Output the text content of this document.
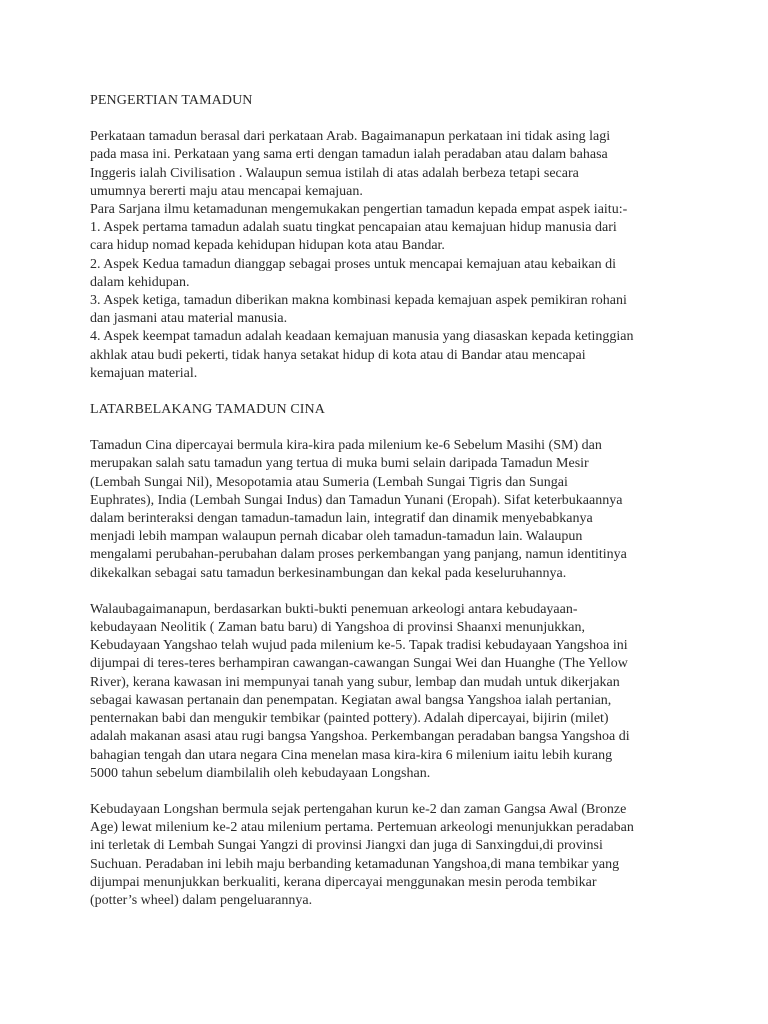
PENGERTIAN TAMADUN
Perkataan tamadun berasal dari perkataan Arab. Bagaimanapun perkataan ini tidak asing lagi
pada masa ini. Perkataan yang sama erti dengan tamadun ialah peradaban atau dalam bahasa
Inggeris ialah Civilisation . Walaupun semua istilah di atas adalah berbeza tetapi secara
umumnya bererti maju atau mencapai kemajuan.
Para Sarjana ilmu ketamadunan mengemukakan pengertian tamadun kepada empat aspek iaitu:-
1. Aspek pertama tamadun adalah suatu tingkat pencapaian atau kemajuan hidup manusia dari
cara hidup nomad kepada kehidupan hidupan kota atau Bandar.
2. Aspek Kedua tamadun dianggap sebagai proses untuk mencapai kemajuan atau kebaikan di
dalam kehidupan.
3. Aspek ketiga, tamadun diberikan makna kombinasi kepada kemajuan aspek pemikiran rohani
dan jasmani atau material manusia.
4. Aspek keempat tamadun adalah keadaan kemajuan manusia yang diasaskan kepada ketinggian
akhlak atau budi pekerti, tidak hanya setakat hidup di kota atau di Bandar atau mencapai
kemajuan material.
LATARBELAKANG TAMADUN CINA
Tamadun Cina dipercayai bermula kira-kira pada milenium ke-6 Sebelum Masihi (SM) dan
merupakan salah satu tamadun yang tertua di muka bumi selain daripada Tamadun Mesir
(Lembah Sungai Nil), Mesopotamia atau Sumeria (Lembah Sungai Tigris dan Sungai
Euphrates), India (Lembah Sungai Indus) dan Tamadun Yunani (Eropah). Sifat keterbukaannya
dalam berinteraksi dengan tamadun-tamadun lain, integratif dan dinamik menyebabkanya
menjadi lebih mampan walaupun pernah dicabar oleh tamadun-tamadun lain. Walaupun
mengalami perubahan-perubahan dalam proses perkembangan yang panjang, namun identitinya
dikekalkan sebagai satu tamadun berkesinambungan dan kekal pada keseluruhannya.
Walaubagaimanapun, berdasarkan bukti-bukti penemuan arkeologi antara kebudayaan-
kebudayaan Neolitik ( Zaman batu baru) di Yangshoa di provinsi Shaanxi menunjukkan,
Kebudayaan Yangshao telah wujud pada milenium ke-5. Tapak tradisi kebudayaan Yangshoa ini
dijumpai di teres-teres berhampiran cawangan-cawangan Sungai Wei dan Huanghe (The Yellow
River), kerana kawasan ini mempunyai tanah yang subur, lembap dan mudah untuk dikerjakan
sebagai kawasan pertanain dan penempatan. Kegiatan awal bangsa Yangshoa ialah pertanian,
penternakan babi dan mengukir tembikar (painted pottery). Adalah dipercayai, bijirin (milet)
adalah makanan asasi atau rugi bangsa Yangshoa. Perkembangan peradaban bangsa Yangshoa di
bahagian tengah dan utara negara Cina menelan masa kira-kira 6 milenium iaitu lebih kurang
5000 tahun sebelum diambilalih oleh kebudayaan Longshan.
Kebudayaan Longshan bermula sejak pertengahan kurun ke-2 dan zaman Gangsa Awal (Bronze
Age) lewat milenium ke-2 atau milenium pertama. Pertemuan arkeologi menunjukkan peradaban
ini terletak di Lembah Sungai Yangzi di provinsi Jiangxi dan juga di Sanxingdui,di provinsi
Suchuan. Peradaban ini lebih maju berbanding ketamadunan Yangshoa,di mana tembikar yang
dijumpai menunjukkan berkualiti, kerana dipercayai menggunakan mesin peroda tembikar
(potter’s wheel) dalam pengeluarannya.
